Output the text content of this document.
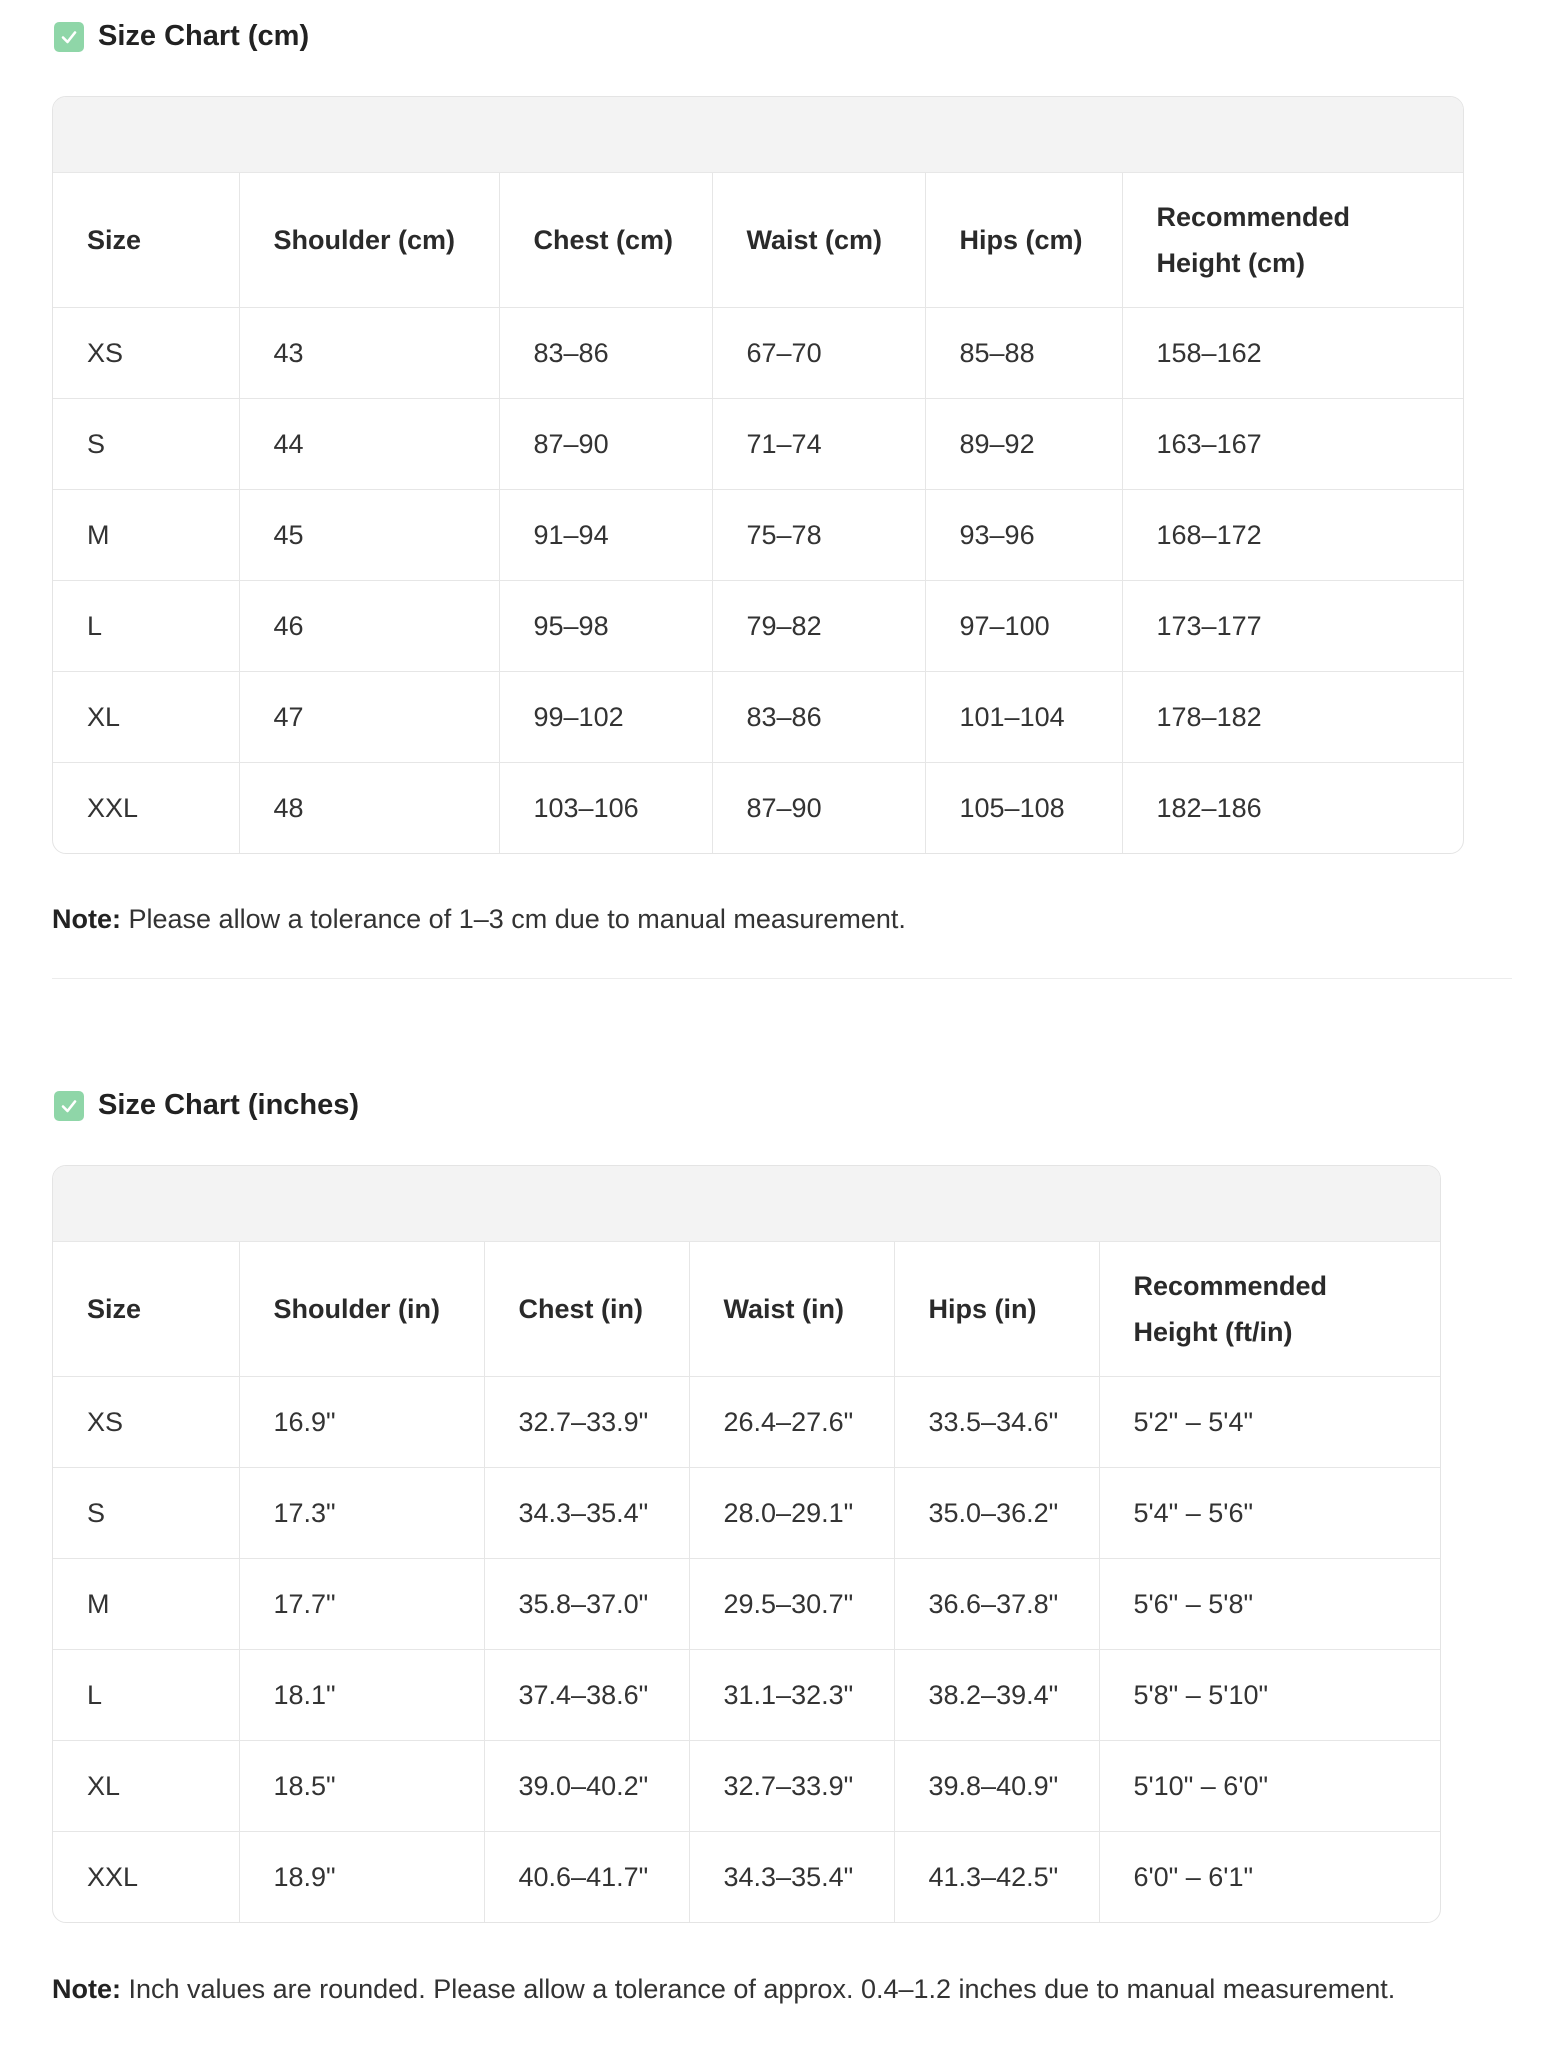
Size Chart (cm)
Size	Shoulder (cm)	Chest (cm)	Waist (cm)	Hips (cm)	Recommended Height (cm)
XS	43	83–86	67–70	85–88	158–162
S	44	87–90	71–74	89–92	163–167
M	45	91–94	75–78	93–96	168–172
L	46	95–98	79–82	97–100	173–177
XL	47	99–102	83–86	101–104	178–182
XXL	48	103–106	87–90	105–108	182–186
Note: Please allow a tolerance of 1–3 cm due to manual measurement.
Size Chart (inches)
Size	Shoulder (in)	Chest (in)	Waist (in)	Hips (in)	Recommended Height (ft/in)
XS	16.9"	32.7–33.9"	26.4–27.6"	33.5–34.6"	5'2" – 5'4"
S	17.3"	34.3–35.4"	28.0–29.1"	35.0–36.2"	5'4" – 5'6"
M	17.7"	35.8–37.0"	29.5–30.7"	36.6–37.8"	5'6" – 5'8"
L	18.1"	37.4–38.6"	31.1–32.3"	38.2–39.4"	5'8" – 5'10"
XL	18.5"	39.0–40.2"	32.7–33.9"	39.8–40.9"	5'10" – 6'0"
XXL	18.9"	40.6–41.7"	34.3–35.4"	41.3–42.5"	6'0" – 6'1"
Note: Inch values are rounded. Please allow a tolerance of approx. 0.4–1.2 inches due to manual measurement.
